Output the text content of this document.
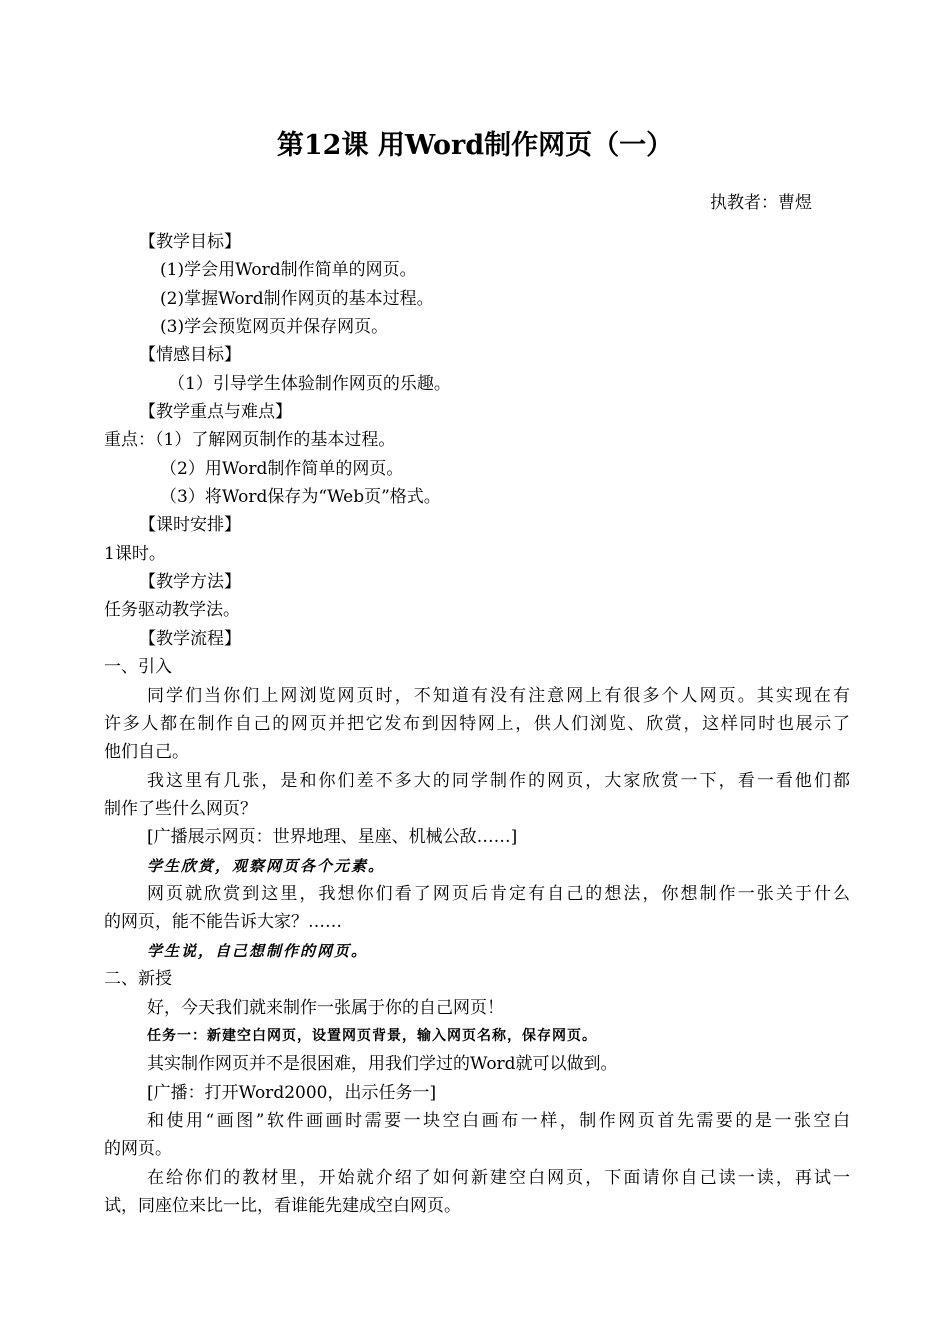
第12课 用Word制作网页（一）
执教者：曹煜
【教学目标】
(1)学会用Word制作简单的网页。
(2)掌握Word制作网页的基本过程。
(3)学会预览网页并保存网页。
【情感目标】
（1）引导学生体验制作网页的乐趣。
【教学重点与难点】
重点：（1）了解网页制作的基本过程。
（2）用Word制作简单的网页。
（3）将Word保存为“Web页”格式。
【课时安排】
1课时。
【教学方法】
任务驱动教学法。
【教学流程】
一、引入
同学们当你们上网浏览网页时，不知道有没有注意网上有很多个人网页。其实现在有
许多人都在制作自己的网页并把它发布到因特网上，供人们浏览、欣赏，这样同时也展示了
他们自己。
我这里有几张，是和你们差不多大的同学制作的网页，大家欣赏一下，看一看他们都
制作了些什么网页？
[广播展示网页：世界地理、星座、机械公敌……]
学生欣赏，观察网页各个元素。
网页就欣赏到这里，我想你们看了网页后肯定有自己的想法，你想制作一张关于什么
的网页，能不能告诉大家？……
学生说，自己想制作的网页。
二、新授
好，今天我们就来制作一张属于你的自己网页！
任务一：新建空白网页，设置网页背景，输入网页名称，保存网页。
其实制作网页并不是很困难，用我们学过的Word就可以做到。
[广播：打开Word2000，出示任务一]
和使用“画图”软件画画时需要一块空白画布一样，制作网页首先需要的是一张空白
的网页。
在给你们的教材里，开始就介绍了如何新建空白网页，下面请你自己读一读，再试一
试，同座位来比一比，看谁能先建成空白网页。
